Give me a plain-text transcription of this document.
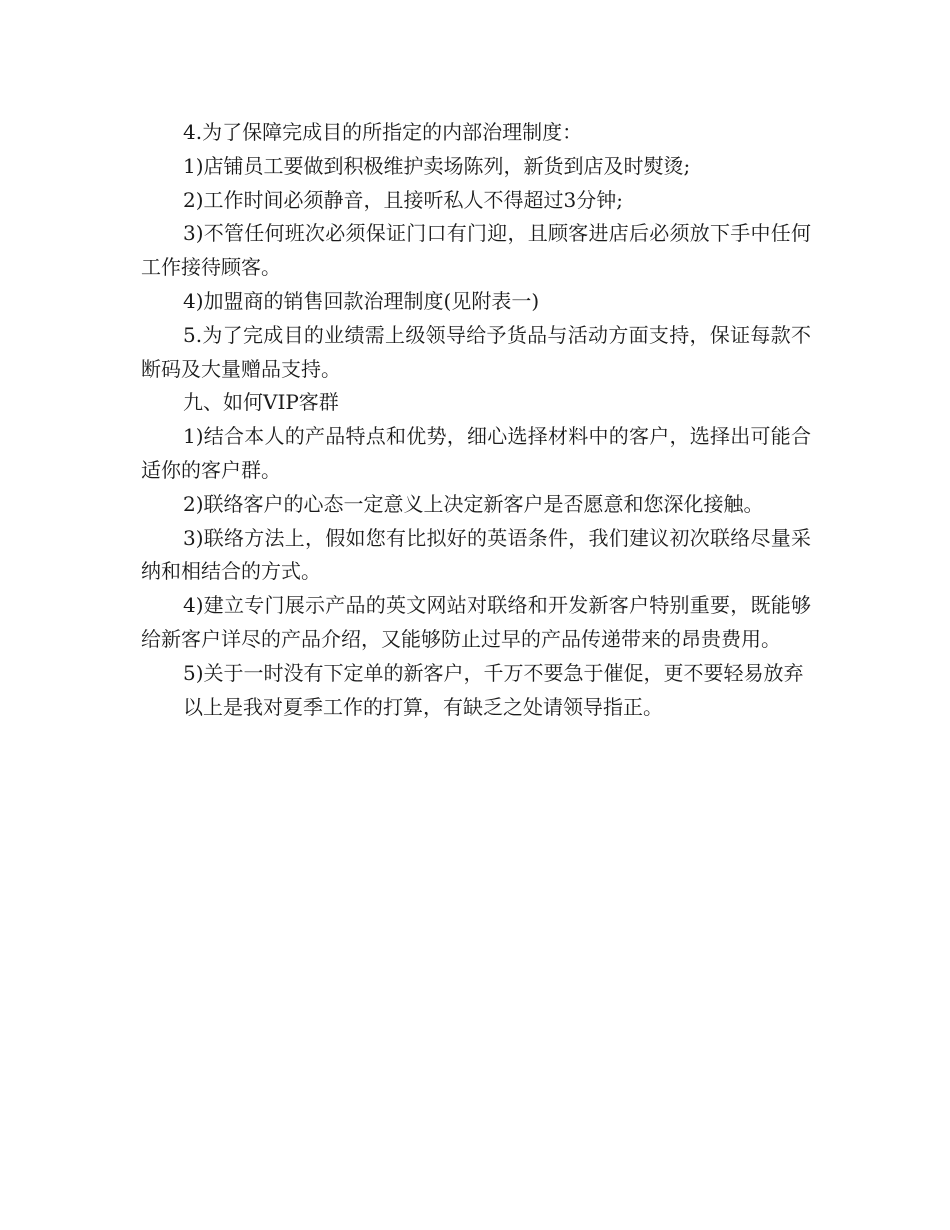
4.为了保障完成目的所指定的内部治理制度：

1)店铺员工要做到积极维护卖场陈列，新货到店及时熨烫;

2)工作时间必须静音，且接听私人不得超过3分钟;

3)不管任何班次必须保证门口有门迎，且顾客进店后必须放下手中任何工作接待顾客。

4)加盟商的销售回款治理制度(见附表一)

5.为了完成目的业绩需上级领导给予货品与活动方面支持，保证每款不断码及大量赠品支持。

九、如何VIP客群

1)结合本人的产品特点和优势，细心选择材料中的客户，选择出可能合适你的客户群。

2)联络客户的心态一定意义上决定新客户是否愿意和您深化接触。

3)联络方法上，假如您有比拟好的英语条件，我们建议初次联络尽量采纳和相结合的方式。

4)建立专门展示产品的英文网站对联络和开发新客户特别重要，既能够给新客户详尽的产品介绍，又能够防止过早的产品传递带来的昂贵费用。

5)关于一时没有下定单的新客户，千万不要急于催促，更不要轻易放弃

以上是我对夏季工作的打算，有缺乏之处请领导指正。
